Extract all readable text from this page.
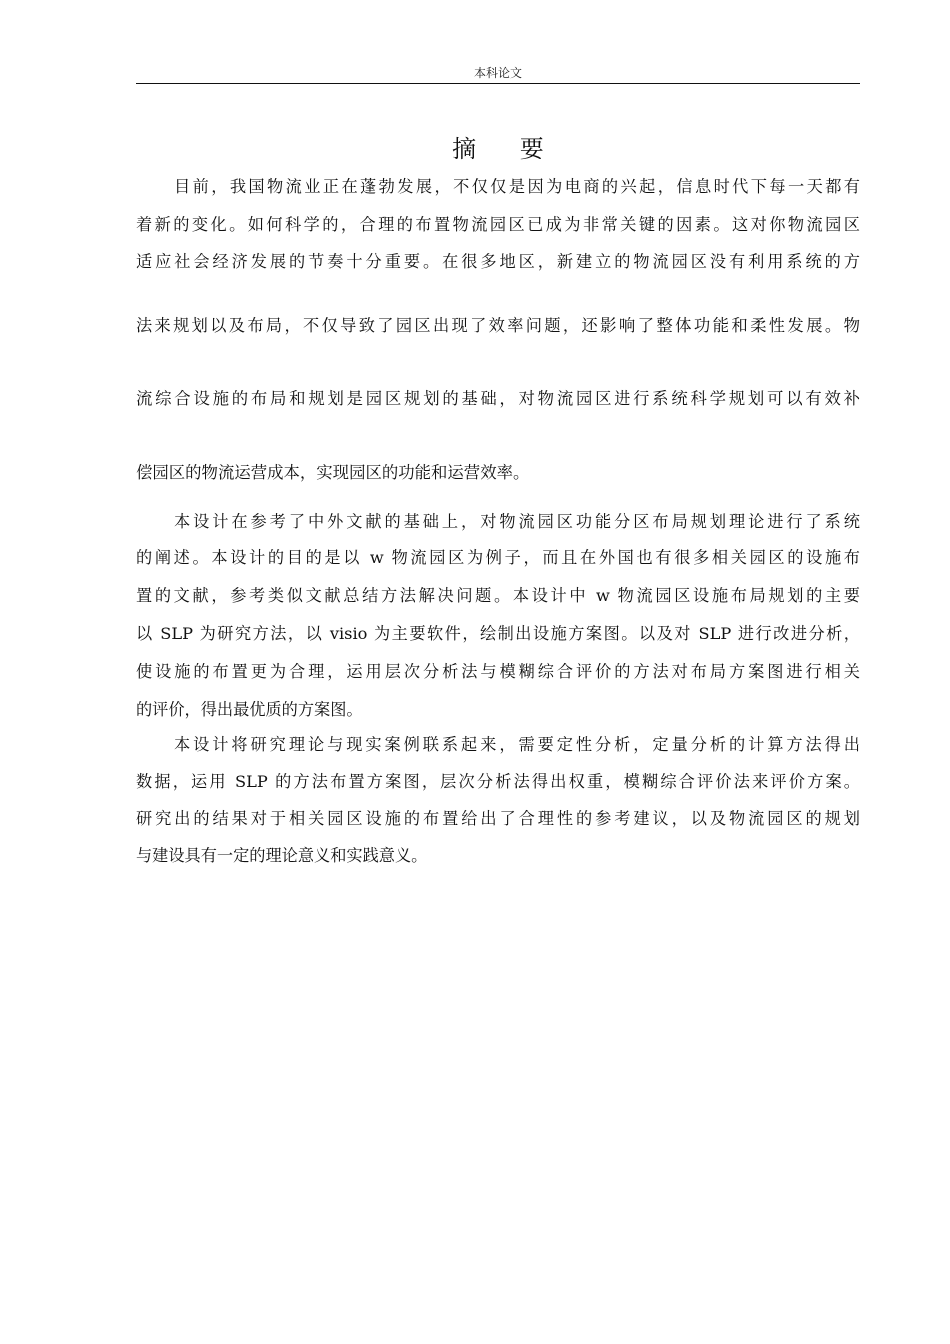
本科论文
摘 要
目前，我国物流业正在蓬勃发展，不仅仅是因为电商的兴起，信息时代下每一天都有
着新的变化。如何科学的，合理的布置物流园区已成为非常关键的因素。这对你物流园区
适应社会经济发展的节奏十分重要。在很多地区，新建立的物流园区没有利用系统的方
法来规划以及布局，不仅导致了园区出现了效率问题，还影响了整体功能和柔性发展。物
流综合设施的布局和规划是园区规划的基础，对物流园区进行系统科学规划可以有效补
偿园区的物流运营成本，实现园区的功能和运营效率。
本设计在参考了中外文献的基础上，对物流园区功能分区布局规划理论进行了系统
的阐述。本设计的目的是以 w 物流园区为例子，而且在外国也有很多相关园区的设施布
置的文献，参考类似文献总结方法解决问题。本设计中 w 物流园区设施布局规划的主要
以 SLP 为研究方法，以 visio 为主要软件，绘制出设施方案图。以及对 SLP 进行改进分析，
使设施的布置更为合理，运用层次分析法与模糊综合评价的方法对布局方案图进行相关
的评价，得出最优质的方案图。
本设计将研究理论与现实案例联系起来，需要定性分析，定量分析的计算方法得出
数据，运用 SLP 的方法布置方案图，层次分析法得出权重，模糊综合评价法来评价方案。
研究出的结果对于相关园区设施的布置给出了合理性的参考建议，以及物流园区的规划
与建设具有一定的理论意义和实践意义。
